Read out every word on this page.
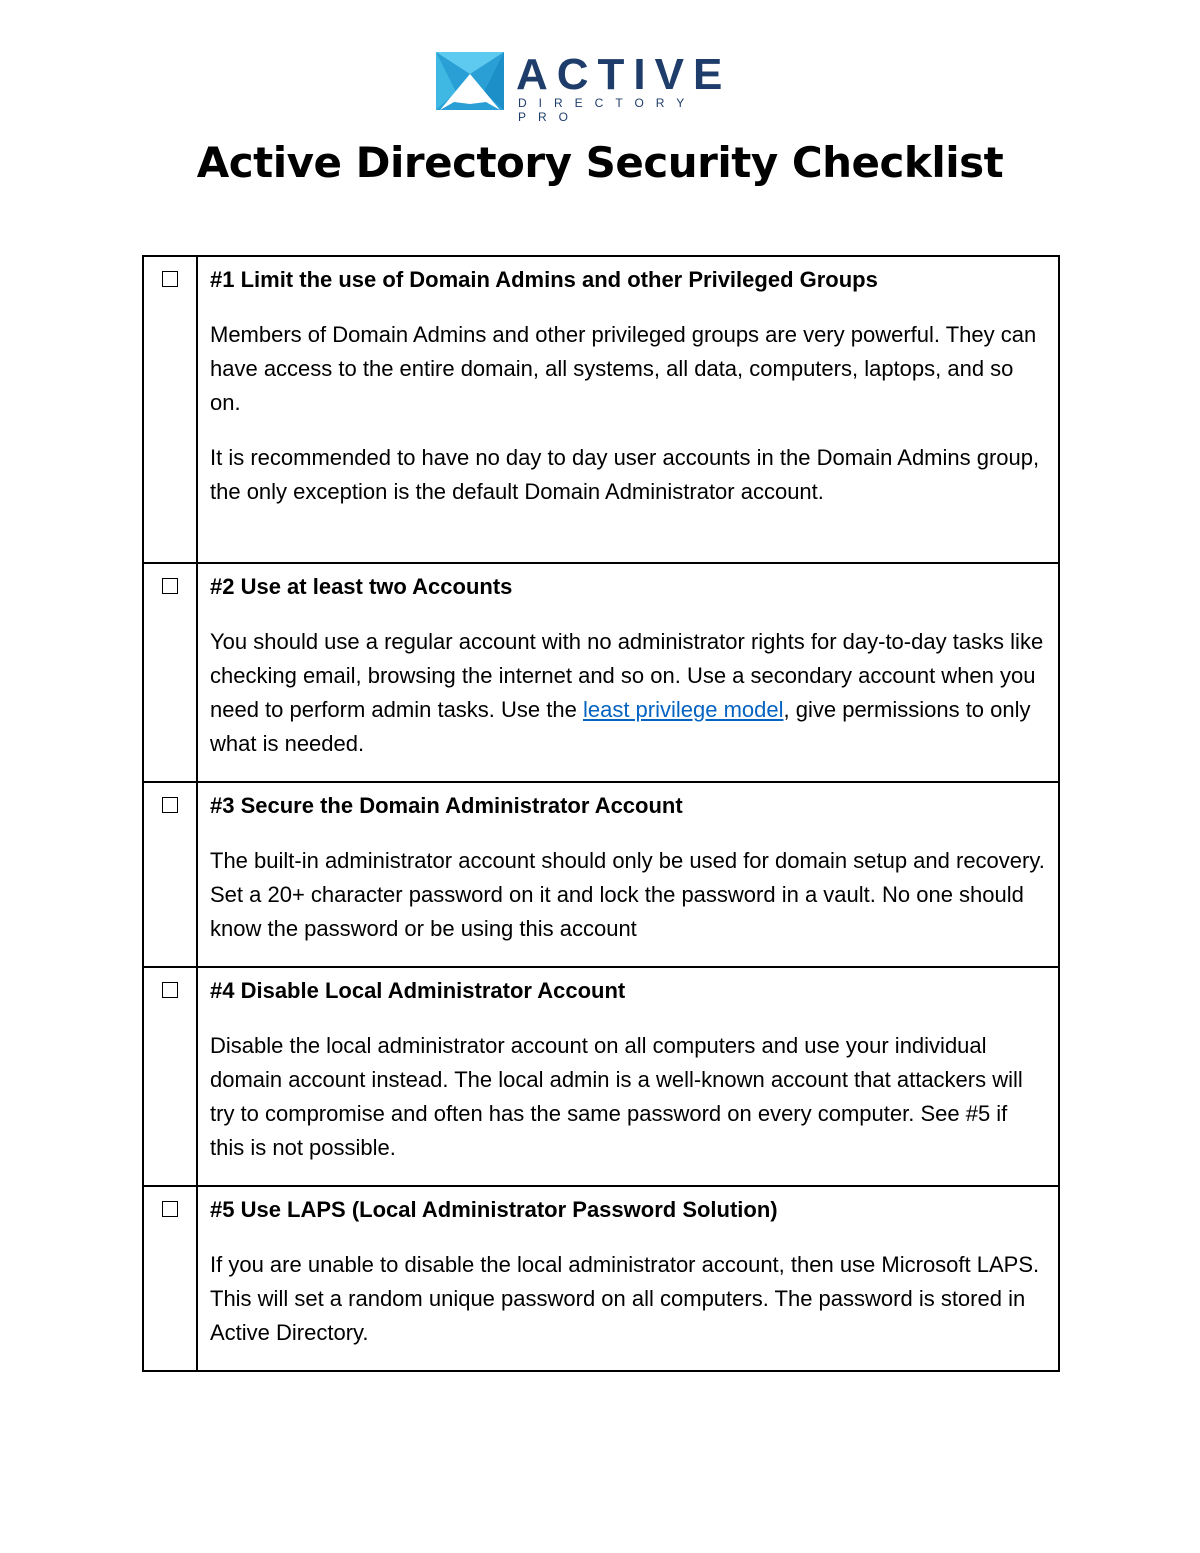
ACTIVE
DIRECTORY PRO
Active Directory Security Checklist

	#1 Limit the use of Domain Admins and other Privileged Groups
Members of Domain Admins and other privileged groups are very powerful. They can have access to the entire domain, all systems, all data, computers, laptops, and so on.
It is recommended to have no day to day user accounts in the Domain Admins group, the only exception is the default Domain Administrator account.

	#2 Use at least two Accounts
You should use a regular account with no administrator rights for day-to-day tasks like checking email, browsing the internet and so on. Use a secondary account when you need to perform admin tasks. Use the least privilege model, give permissions to only what is needed.

	#3 Secure the Domain Administrator Account
The built-in administrator account should only be used for domain setup and recovery. Set a 20+ character password on it and lock the password in a vault. No one should know the password or be using this account

	#4 Disable Local Administrator Account
Disable the local administrator account on all computers and use your individual domain account instead. The local admin is a well-known account that attackers will try to compromise and often has the same password on every computer. See #5 if this is not possible.

	#5 Use LAPS (Local Administrator Password Solution)
If you are unable to disable the local administrator account, then use Microsoft LAPS. This will set a random unique password on all computers. The password is stored in Active Directory.
